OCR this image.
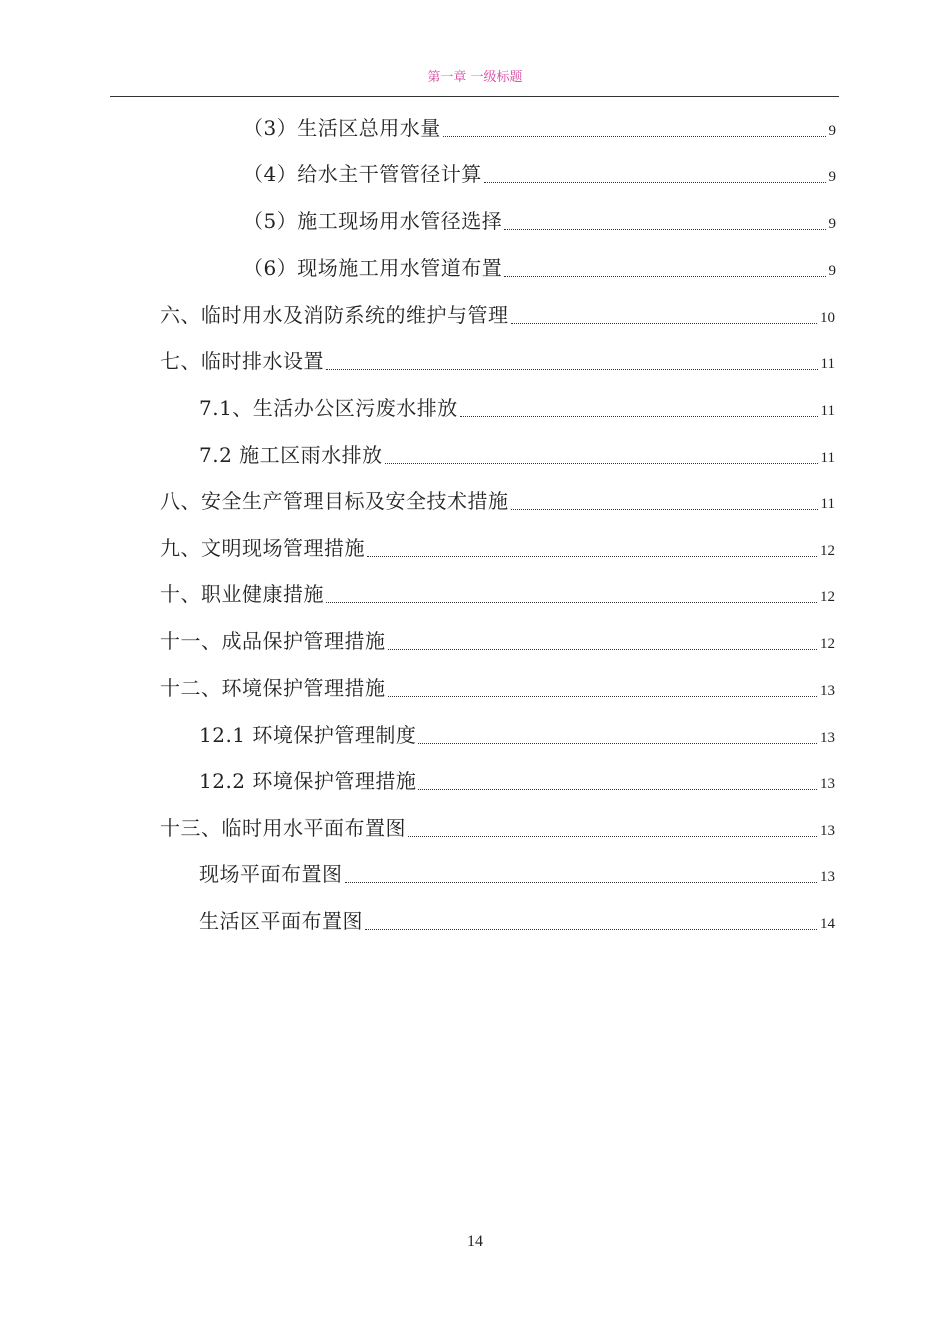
第一章 一级标题
（3）生活区总用水量	9
（4）给水主干管管径计算	9
（5）施工现场用水管径选择	9
（6）现场施工用水管道布置	9
六、临时用水及消防系统的维护与管理	10
七、临时排水设置	11
7.1、生活办公区污废水排放	11
7.2 施工区雨水排放	11
八、安全生产管理目标及安全技术措施	11
九、文明现场管理措施	12
十、职业健康措施	12
十一、成品保护管理措施	12
十二、环境保护管理措施	13
12.1 环境保护管理制度	13
12.2 环境保护管理措施	13
十三、临时用水平面布置图	13
现场平面布置图	13
生活区平面布置图	14
14
